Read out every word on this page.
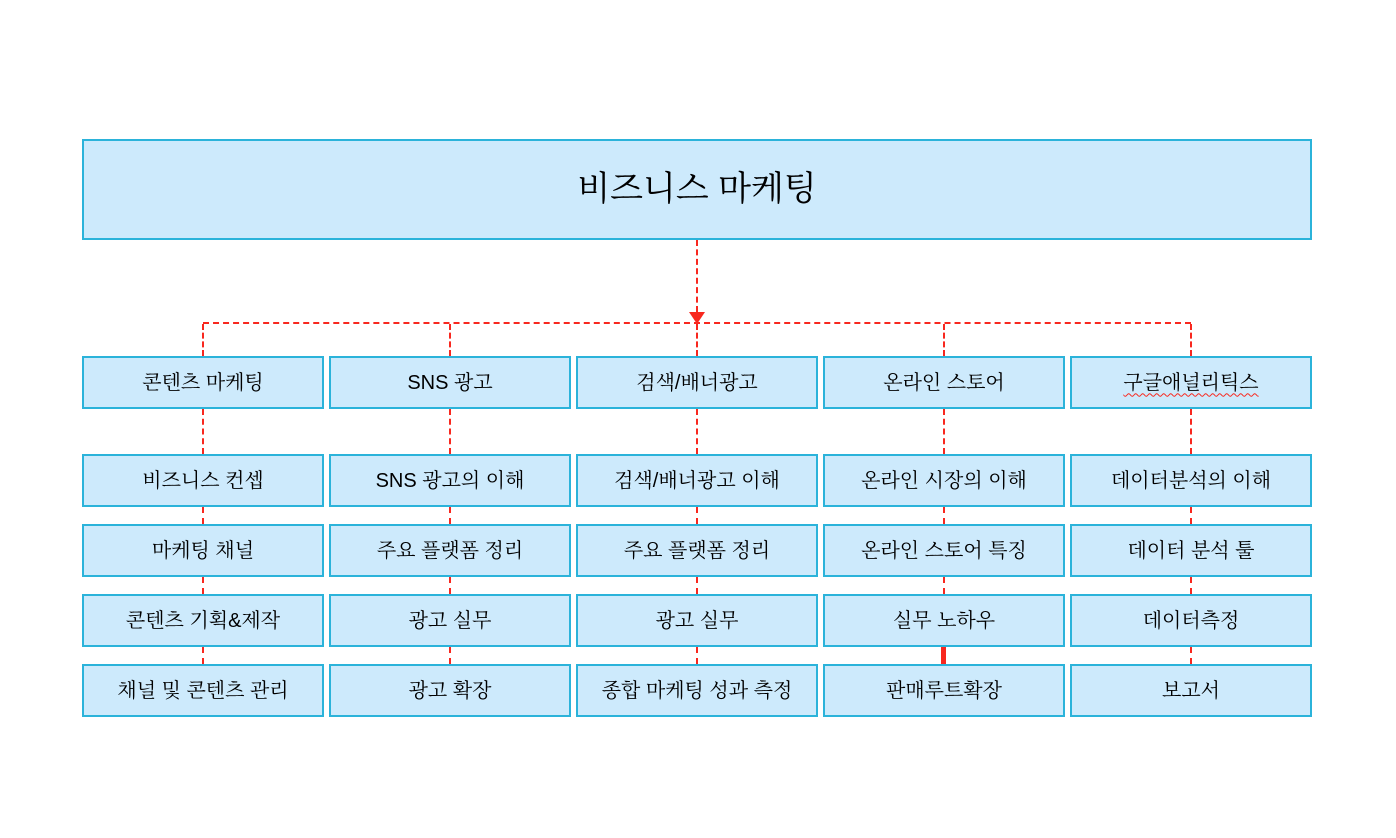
비즈니스 마케팅
콘텐츠 마케팅
비즈니스 컨셉
마케팅 채널
콘텐츠 기획&제작
채널 및 콘텐츠 관리
SNS 광고
SNS 광고의 이해
주요 플랫폼 정리
광고 실무
광고 확장
검색/배너광고
검색/배너광고 이해
주요 플랫폼 정리
광고 실무
종합 마케팅 성과 측정
온라인 스토어
온라인 시장의 이해
온라인 스토어 특징
실무 노하우
판매루트확장
구글애널리틱스
데이터분석의 이해
데이터 분석 툴
데이터측정
보고서
